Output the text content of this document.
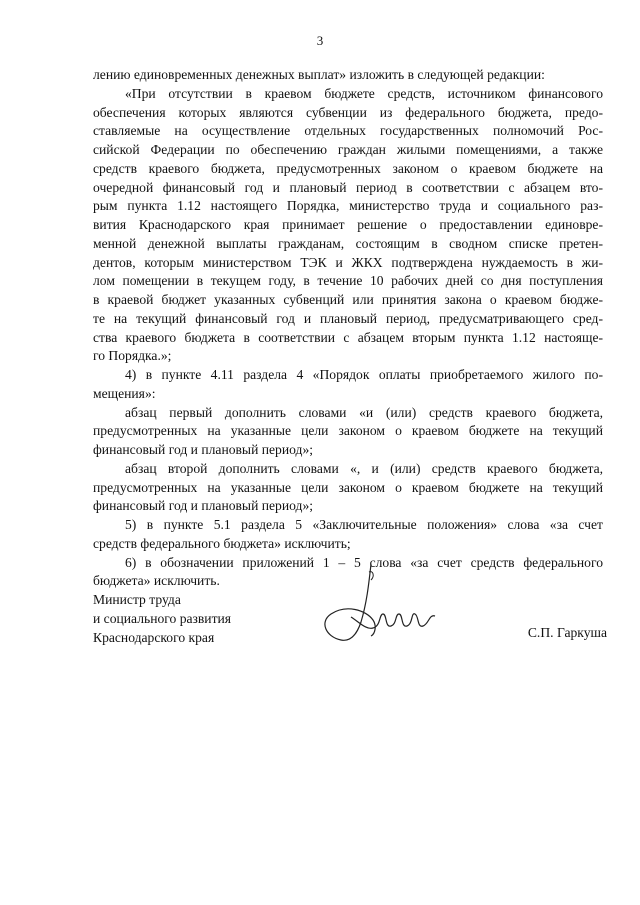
3
лению единовременных денежных выплат» изложить в следующей редакции:
«При отсутствии в краевом бюджете средств, источником финансового
обеспечения которых являются субвенции из федерального бюджета, предо-
ставляемые на осуществление отдельных государственных полномочий Рос-
сийской Федерации по обеспечению граждан жилыми помещениями, а также
средств краевого бюджета, предусмотренных законом о краевом бюджете на
очередной финансовый год и плановый период в соответствии с абзацем вто-
рым пункта 1.12 настоящего Порядка, министерство труда и социального раз-
вития Краснодарского края принимает решение о предоставлении единовре-
менной денежной выплаты гражданам, состоящим в сводном списке претен-
дентов, которым министерством ТЭК и ЖКХ подтверждена нуждаемость в жи-
лом помещении в текущем году, в течение 10 рабочих дней со дня поступления
в краевой бюджет указанных субвенций или принятия закона о краевом бюдже-
те на текущий финансовый год и плановый период, предусматривающего сред-
ства краевого бюджета в соответствии с абзацем вторым пункта 1.12 настояще-
го Порядка.»;
4) в пункте 4.11 раздела 4 «Порядок оплаты приобретаемого жилого по-
мещения»:
абзац первый дополнить словами «и (или) средств краевого бюджета,
предусмотренных на указанные цели законом о краевом бюджете на текущий
финансовый год и плановый период»;
абзац второй дополнить словами «, и (или) средств краевого бюджета,
предусмотренных на указанные цели законом о краевом бюджете на текущий
финансовый год и плановый период»;
5) в пункте 5.1 раздела 5 «Заключительные положения» слова «за счет
средств федерального бюджета» исключить;
6) в обозначении приложений 1 – 5 слова «за счет средств федерального
бюджета» исключить.
Министр труда
и социального развития
Краснодарского края	С.П. Гаркуша
